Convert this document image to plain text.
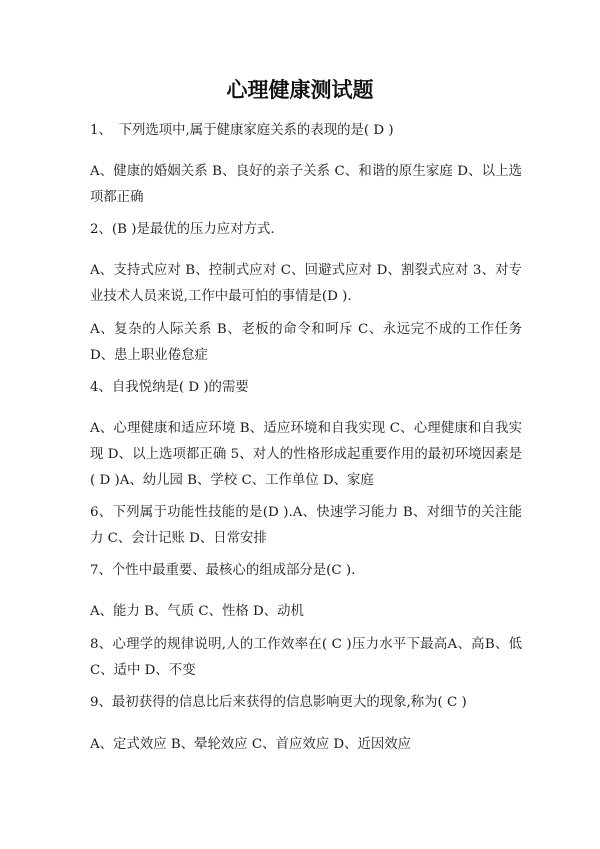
心理健康测试题

1、　下列选项中,属于健康家庭关系的表现的是( D )

A、健康的婚姻关系 B、良好的亲子关系 C、和谐的原生家庭 D、以上选项都正确

2、(B )是最优的压力应对方式.

A、支持式应对 B、控制式应对 C、回避式应对 D、割裂式应对 3、对专业技术人员来说,工作中最可怕的事情是(D ).

A、复杂的人际关系 B、老板的命令和呵斥 C、永远完不成的工作任务 D、患上职业倦怠症

4、自我悦纳是( D )的需要

A、心理健康和适应环境 B、适应环境和自我实现 C、心理健康和自我实现 D、以上选项都正确 5、对人的性格形成起重要作用的最初环境因素是( D )A、幼儿园 B、学校 C、工作单位 D、家庭

6、下列属于功能性技能的是(D ).A、快速学习能力 B、对细节的关注能力 C、会计记账 D、日常安排

7、个性中最重要、最核心的组成部分是(C ).

A、能力 B、气质 C、性格 D、动机

8、心理学的规律说明,人的工作效率在( C )压力水平下最高A、高B、低C、适中 D、不变

9、最初获得的信息比后来获得的信息影响更大的现象,称为( C )

A、定式效应 B、晕轮效应 C、首应效应 D、近因效应
